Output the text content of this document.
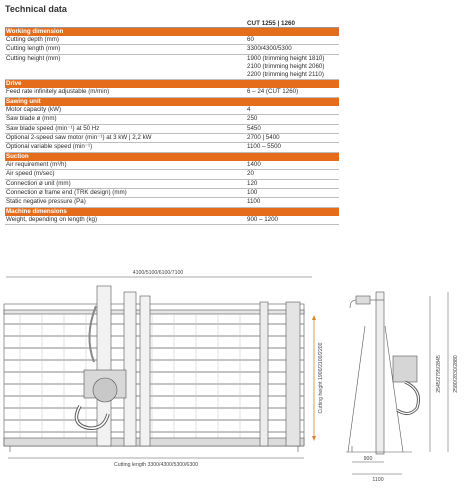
Technical data
CUT 1255 | 1260
Working dimension
Cutting depth (mm)	60
Cutting length (mm)	3300/4300/5300
Cutting height (mm)	1900 (trimming height 1810)
2100 (trimming height 2060)
2200 (trimming height 2110)
Drive
Feed rate infinitely adjustable (m/min)	6 – 24 (CUT 1260)
Sawing unit
Motor capacity (kW)	4
Saw blade ø (mm)	250
Saw blade speed (min⁻¹) at 50 Hz	5450
Optional 2-speed saw motor (min⁻¹) at 3 kW | 2,2 kW	2700 | 5400
Optional variable speed (min⁻¹)	1100 – 5500
Suction
Air requirement (m³/h)	1400
Air speed (m/sec)	20
Connection ø unit (mm)	120
Connection ø frame end (TRK design) (mm)	100
Static negative pressure (Pa)	1100
Machine dimensions
Weight, depending on length (kg)	900 – 1200
4100/5100/6100/7100
Cutting height 1900/2100/2200
Cutting length 3300/4300/5300/6300
2545/2795/2845 2580/2830/2880
900
1100
